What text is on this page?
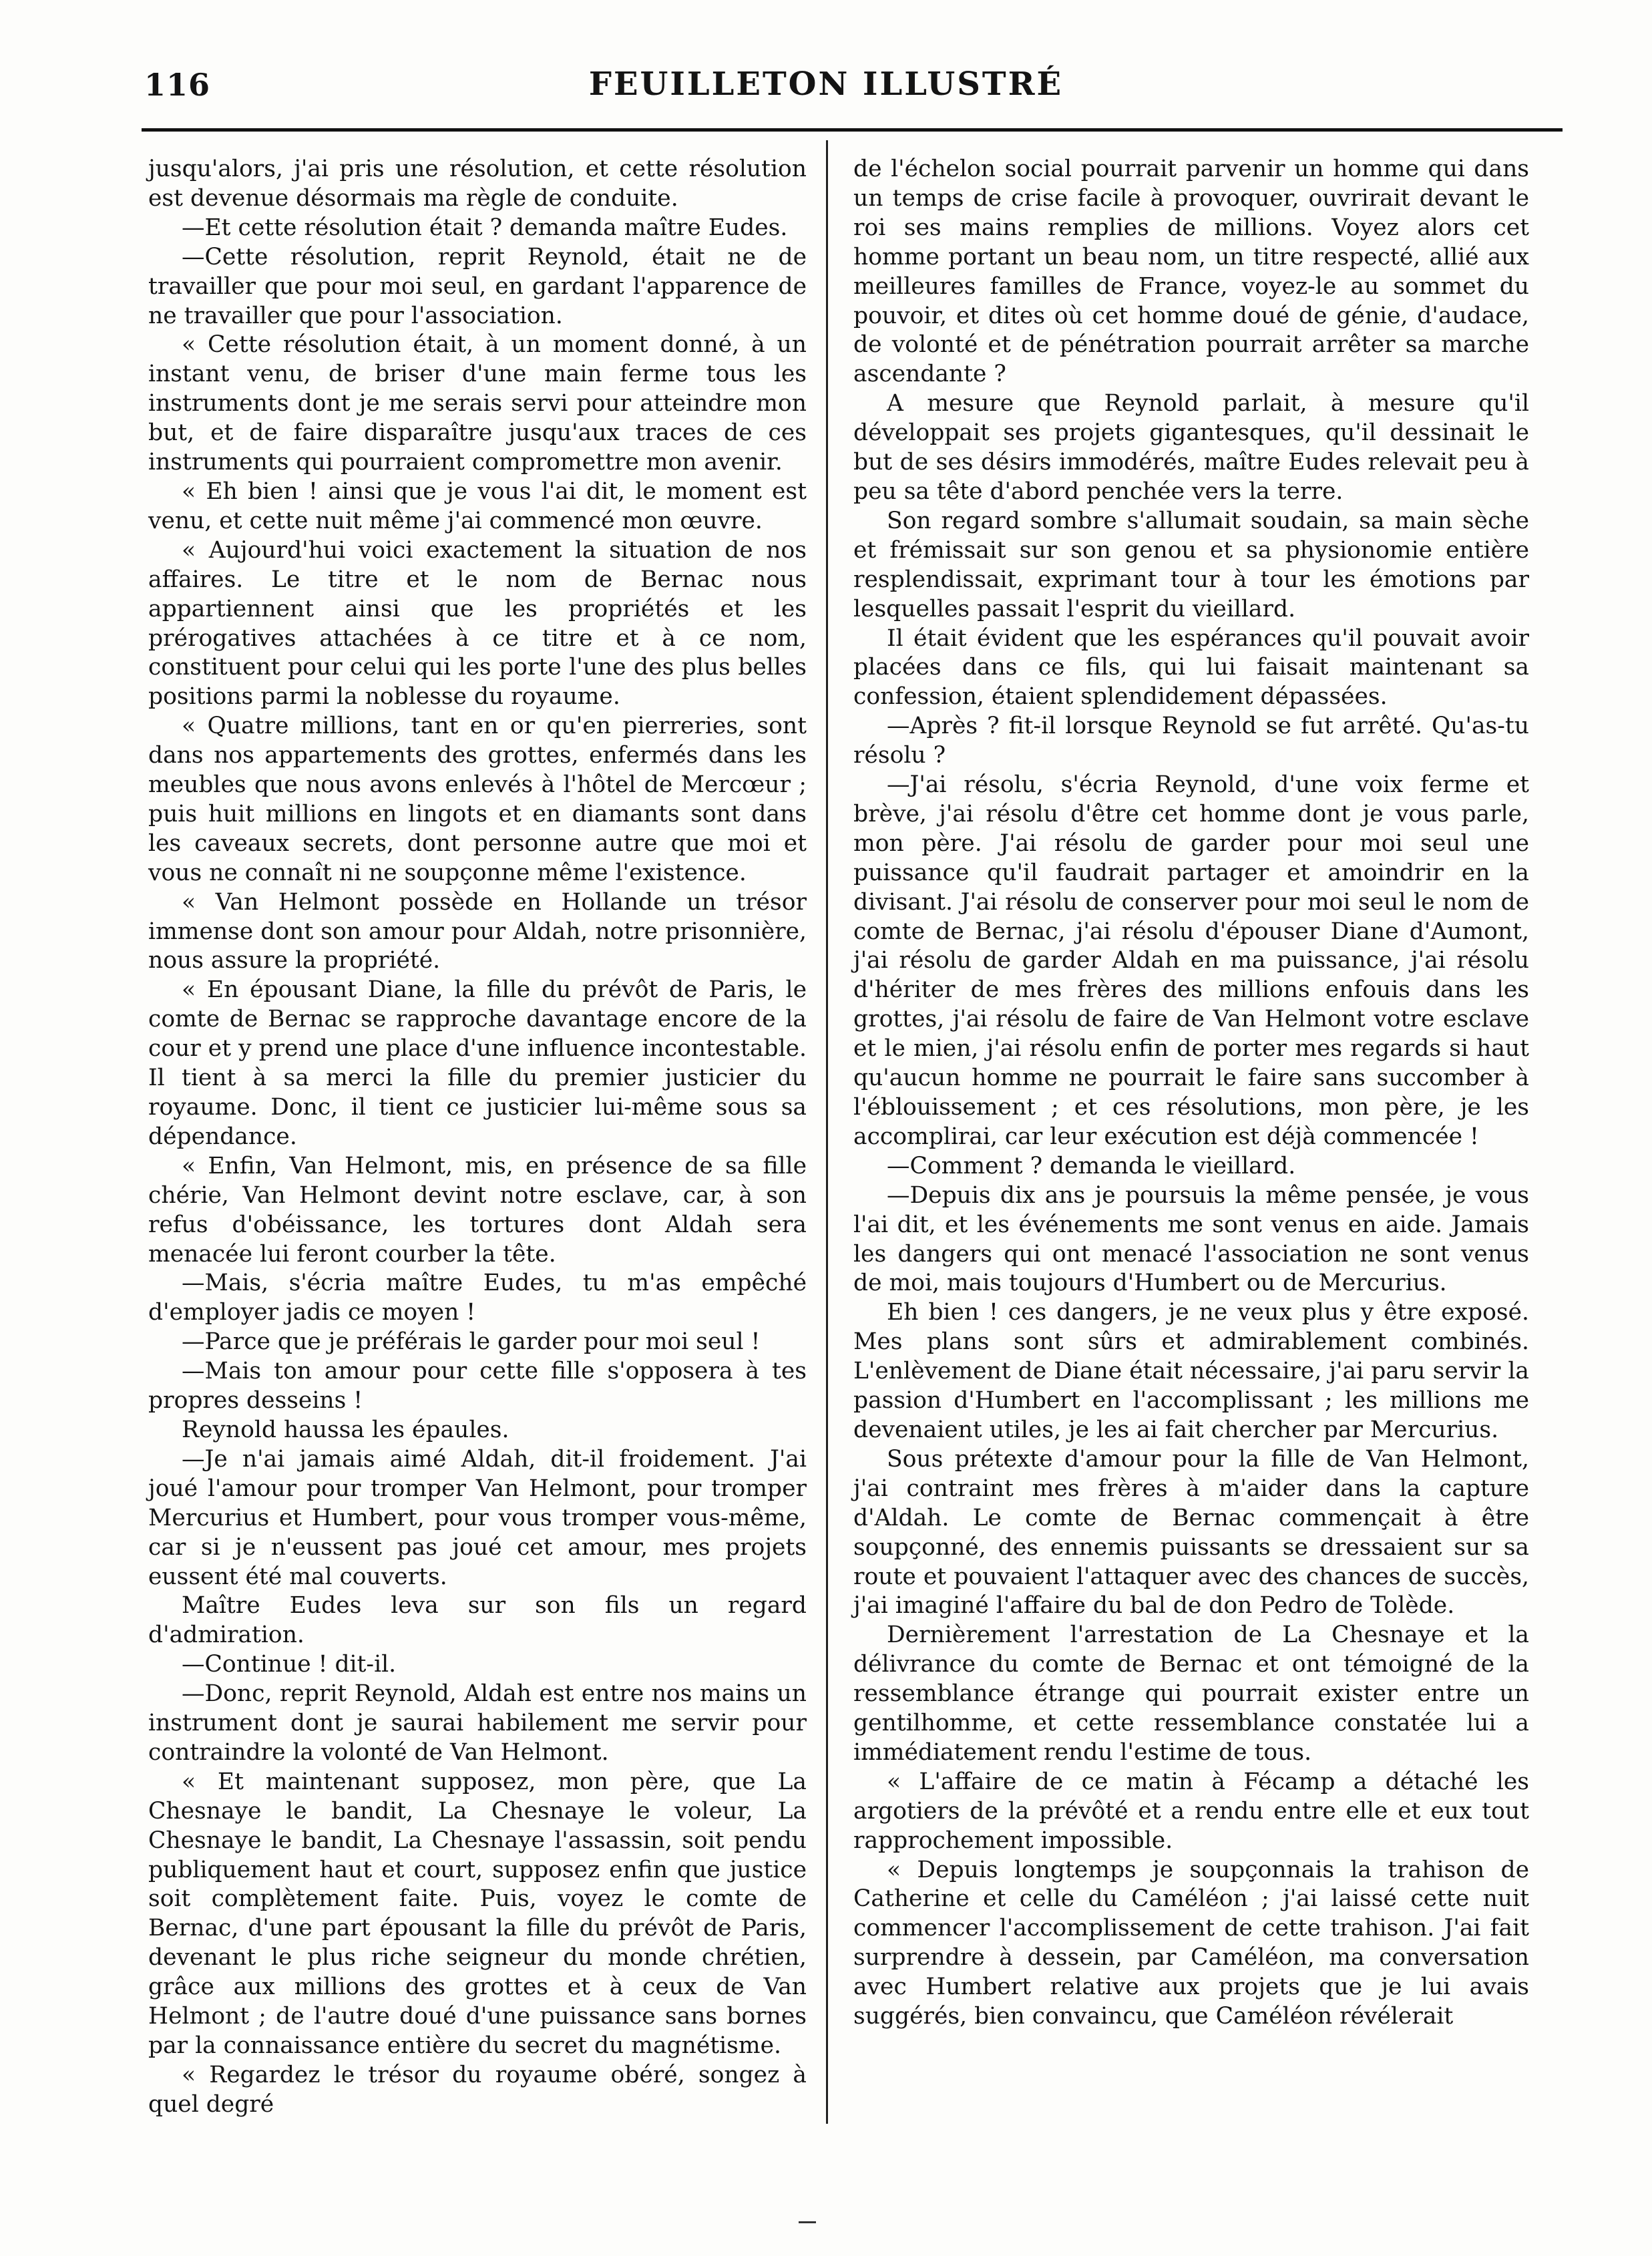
116	FEUILLETON ILLUSTRÉ

jusqu'alors, j'ai pris une résolution, et cette résolution est devenue désormais ma règle de conduite.

—Et cette résolution était ? demanda maître Eudes.

—Cette résolution, reprit Reynold, était ne de travailler que pour moi seul, en gardant l'apparence de ne travailler que pour l'association.

« Cette résolution était, à un moment donné, à un instant venu, de briser d'une main ferme tous les instruments dont je me serais servi pour atteindre mon but, et de faire disparaître jusqu'aux traces de ces instruments qui pourraient compromettre mon avenir.

« Eh bien ! ainsi que je vous l'ai dit, le moment est venu, et cette nuit même j'ai commencé mon œuvre.

« Aujourd'hui voici exactement la situation de nos affaires. Le titre et le nom de Bernac nous appartiennent ainsi que les propriétés et les prérogatives attachées à ce titre et à ce nom, constituent pour celui qui les porte l'une des plus belles positions parmi la noblesse du royaume.

« Quatre millions, tant en or qu'en pierreries, sont dans nos appartements des grottes, enfermés dans les meubles que nous avons enlevés à l'hôtel de Mercœur ; puis huit millions en lingots et en diamants sont dans les caveaux secrets, dont personne autre que moi et vous ne connaît ni ne soupçonne même l'existence.

« Van Helmont possède en Hollande un trésor immense dont son amour pour Aldah, notre prisonnière, nous assure la propriété.

« En épousant Diane, la fille du prévôt de Paris, le comte de Bernac se rapproche davantage encore de la cour et y prend une place d'une influence incontestable. Il tient à sa merci la fille du premier justicier du royaume. Donc, il tient ce justicier lui-même sous sa dépendance.

« Enfin, Van Helmont, mis, en présence de sa fille chérie, Van Helmont devint notre esclave, car, à son refus d'obéissance, les tortures dont Aldah sera menacée lui feront courber la tête.

—Mais, s'écria maître Eudes, tu m'as empêché d'employer jadis ce moyen !

—Parce que je préférais le garder pour moi seul !

—Mais ton amour pour cette fille s'opposera à tes propres desseins !

Reynold haussa les épaules.

—Je n'ai jamais aimé Aldah, dit-il froidement. J'ai joué l'amour pour tromper Van Helmont, pour tromper Mercurius et Humbert, pour vous tromper vous-même, car si je n'eussent pas joué cet amour, mes projets eussent été mal couverts.

Maître Eudes leva sur son fils un regard d'admiration.

—Continue ! dit-il.

—Donc, reprit Reynold, Aldah est entre nos mains un instrument dont je saurai habilement me servir pour contraindre la volonté de Van Helmont.

« Et maintenant supposez, mon père, que La Chesnaye le bandit, La Chesnaye le voleur, La Chesnaye le bandit, La Chesnaye l'assassin, soit pendu publiquement haut et court, supposez enfin que justice soit complètement faite. Puis, voyez le comte de Bernac, d'une part épousant la fille du prévôt de Paris, devenant le plus riche seigneur du monde chrétien, grâce aux millions des grottes et à ceux de Van Helmont ; de l'autre doué d'une puissance sans bornes par la connaissance entière du secret du magnétisme.

« Regardez le trésor du royaume obéré, songez à quel degré

de l'échelon social pourrait parvenir un homme qui dans un temps de crise facile à provoquer, ouvrirait devant le roi ses mains remplies de millions. Voyez alors cet homme portant un beau nom, un titre respecté, allié aux meilleures familles de France, voyez-le au sommet du pouvoir, et dites où cet homme doué de génie, d'audace, de volonté et de pénétration pourrait arrêter sa marche ascendante ?

A mesure que Reynold parlait, à mesure qu'il développait ses projets gigantesques, qu'il dessinait le but de ses désirs immodérés, maître Eudes relevait peu à peu sa tête d'abord penchée vers la terre.

Son regard sombre s'allumait soudain, sa main sèche et frémissait sur son genou et sa physionomie entière resplendissait, exprimant tour à tour les émotions par lesquelles passait l'esprit du vieillard.

Il était évident que les espérances qu'il pouvait avoir placées dans ce fils, qui lui faisait maintenant sa confession, étaient splendidement dépassées.

—Après ? fit-il lorsque Reynold se fut arrêté. Qu'as-tu résolu ?

—J'ai résolu, s'écria Reynold, d'une voix ferme et brève, j'ai résolu d'être cet homme dont je vous parle, mon père. J'ai résolu de garder pour moi seul une puissance qu'il faudrait partager et amoindrir en la divisant. J'ai résolu de conserver pour moi seul le nom de comte de Bernac, j'ai résolu d'épouser Diane d'Aumont, j'ai résolu de garder Aldah en ma puissance, j'ai résolu d'hériter de mes frères des millions enfouis dans les grottes, j'ai résolu de faire de Van Helmont votre esclave et le mien, j'ai résolu enfin de porter mes regards si haut qu'aucun homme ne pourrait le faire sans succomber à l'éblouissement ; et ces résolutions, mon père, je les accomplirai, car leur exécution est déjà commencée !

—Comment ? demanda le vieillard.

—Depuis dix ans je poursuis la même pensée, je vous l'ai dit, et les événements me sont venus en aide. Jamais les dangers qui ont menacé l'association ne sont venus de moi, mais toujours d'Humbert ou de Mercurius.

Eh bien ! ces dangers, je ne veux plus y être exposé. Mes plans sont sûrs et admirablement combinés. L'enlèvement de Diane était nécessaire, j'ai paru servir la passion d'Humbert en l'accomplissant ; les millions me devenaient utiles, je les ai fait chercher par Mercurius.

Sous prétexte d'amour pour la fille de Van Helmont, j'ai contraint mes frères à m'aider dans la capture d'Aldah. Le comte de Bernac commençait à être soupçonné, des ennemis puissants se dressaient sur sa route et pouvaient l'attaquer avec des chances de succès, j'ai imaginé l'affaire du bal de don Pedro de Tolède.

Dernièrement l'arrestation de La Chesnaye et la délivrance du comte de Bernac et ont témoigné de la ressemblance étrange qui pourrait exister entre un gentilhomme, et cette ressemblance constatée lui a immédiatement rendu l'estime de tous.

« L'affaire de ce matin à Fécamp a détaché les argotiers de la prévôté et a rendu entre elle et eux tout rapprochement impossible.

« Depuis longtemps je soupçonnais la trahison de Catherine et celle du Caméléon ; j'ai laissé cette nuit commencer l'accomplissement de cette trahison. J'ai fait surprendre à dessein, par Caméléon, ma conversation avec Humbert relative aux projets que je lui avais suggérés, bien convaincu, que Caméléon révélerait
